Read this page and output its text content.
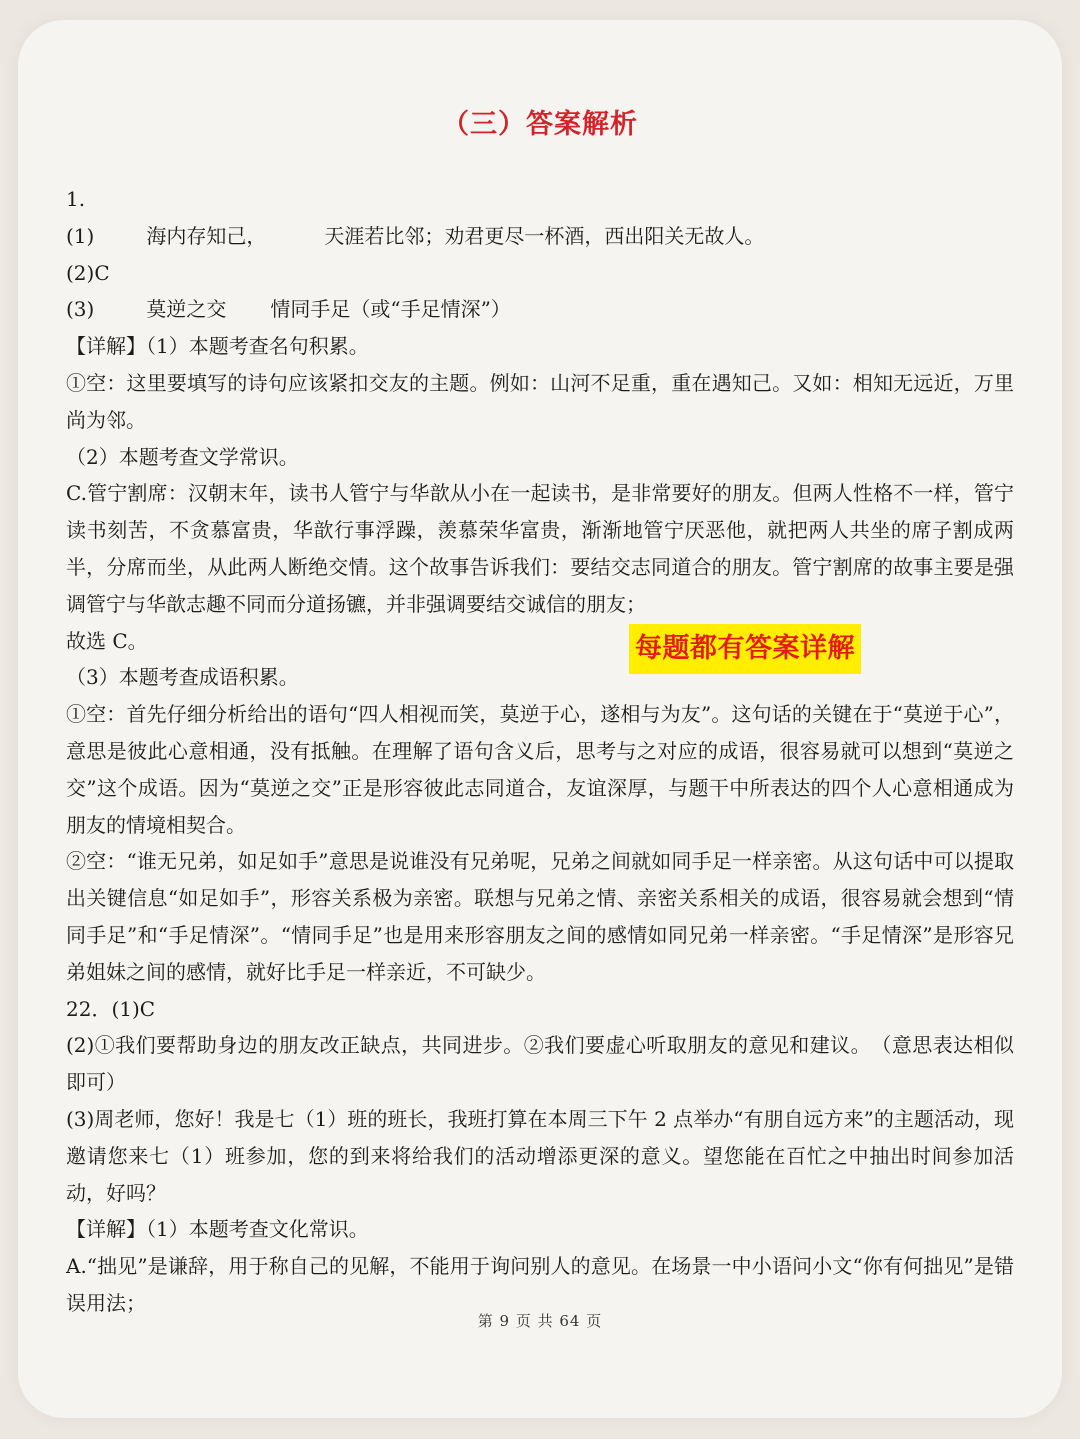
（三）答案解析

1.

(1)	海内存知己，	天涯若比邻；劝君更尽一杯酒，西出阳关无故人。

(2)C

(3)	莫逆之交 情同手足（或“手足情深”）

【详解】（1）本题考查名句积累。

①空：这里要填写的诗句应该紧扣交友的主题。例如：山河不足重，重在遇知己。又如：相知无远近，万里尚为邻。

（2）本题考查文学常识。

C.管宁割席：汉朝末年，读书人管宁与华歆从小在一起读书，是非常要好的朋友。但两人性格不一样，管宁读书刻苦，不贪慕富贵，华歆行事浮躁，羡慕荣华富贵，渐渐地管宁厌恶他，就把两人共坐的席子割成两半，分席而坐，从此两人断绝交情。这个故事告诉我们：要结交志同道合的朋友。管宁割席的故事主要是强调管宁与华歆志趣不同而分道扬镳，并非强调要结交诚信的朋友；

故选 C。

（3）本题考查成语积累。

①空：首先仔细分析给出的语句“四人相视而笑，莫逆于心，遂相与为友”。这句话的关键在于“莫逆于心”，意思是彼此心意相通，没有抵触。在理解了语句含义后，思考与之对应的成语，很容易就可以想到“莫逆之交”这个成语。因为“莫逆之交”正是形容彼此志同道合，友谊深厚，与题干中所表达的四个人心意相通成为朋友的情境相契合。

②空：“谁无兄弟，如足如手”意思是说谁没有兄弟呢，兄弟之间就如同手足一样亲密。从这句话中可以提取出关键信息“如足如手”，形容关系极为亲密。联想与兄弟之情、亲密关系相关的成语，很容易就会想到“情同手足”和“手足情深”。“情同手足”也是用来形容朋友之间的感情如同兄弟一样亲密。“手足情深”是形容兄弟姐妹之间的感情，就好比手足一样亲近，不可缺少。

22．(1)C

(2)①我们要帮助身边的朋友改正缺点，共同进步。②我们要虚心听取朋友的意见和建议。　（意思表达相似即可）

(3)周老师，您好！我是七（1）班的班长，我班打算在本周三下午 2 点举办“有朋自远方来”的主题活动，现邀请您来七（1）班参加，您的到来将给我们的活动增添更深的意义。望您能在百忙之中抽出时间参加活动，好吗？

【详解】（1）本题考查文化常识。

A.“拙见”是谦辞，用于称自己的见解，不能用于询问别人的意见。在场景一中小语问小文“你有何拙见”是错误用法；

每题都有答案详解
第 9 页 共 64 页
